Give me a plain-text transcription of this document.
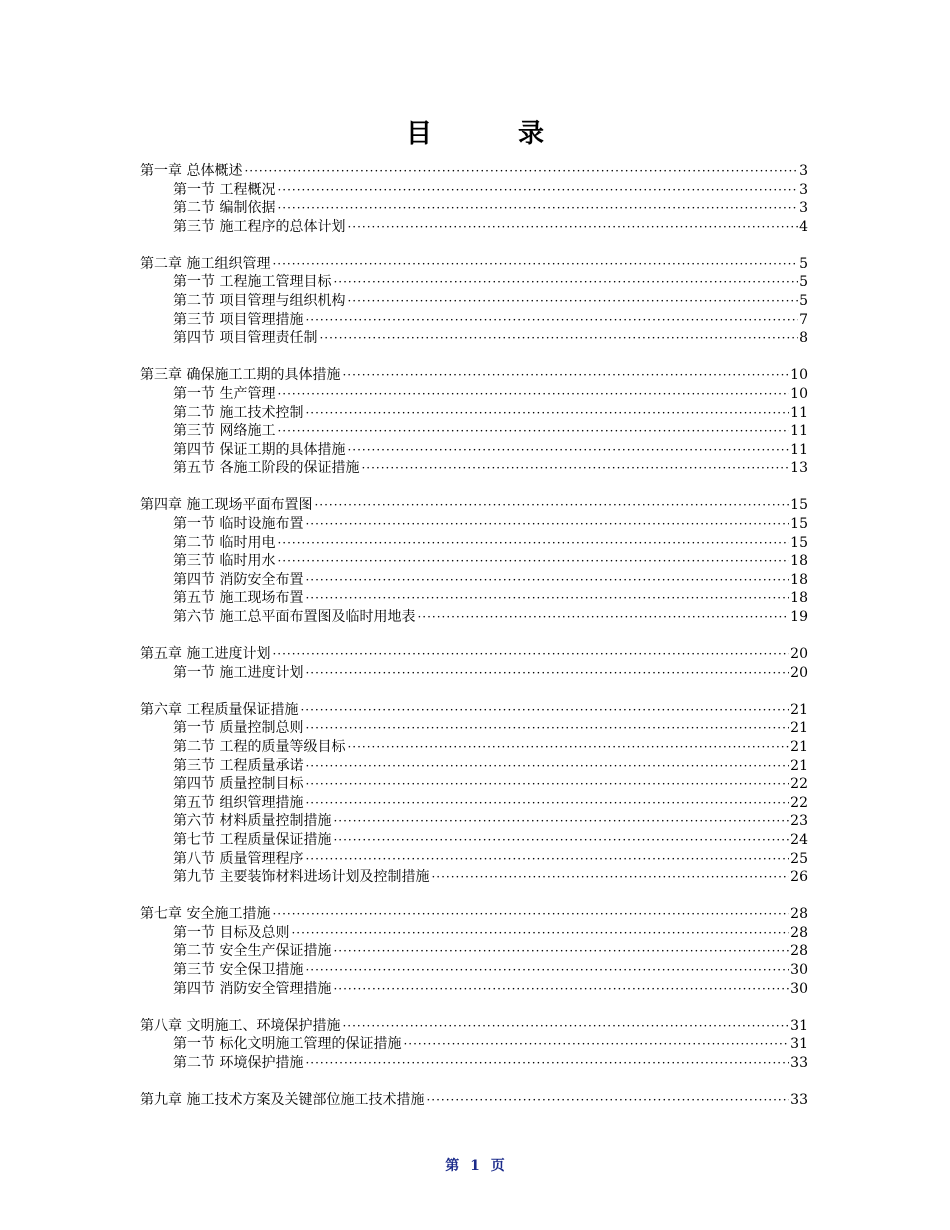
目　录
第一章 总体概述 ·····	3
第一节 工程概况 ·····	3
第二节 编制依据 ·····	3
第三节 施工程序的总体计划 ·····	4
第二章 施工组织管理 ·····	5
第一节 工程施工管理目标 ·····	5
第二节 项目管理与组织机构 ·····	5
第三节 项目管理措施 ·····	7
第四节 项目管理责任制 ·····	8
第三章 确保施工工期的具体措施 ·····	10
第一节 生产管理 ·····	10
第二节 施工技术控制 ·····	11
第三节 网络施工 ·····	11
第四节 保证工期的具体措施 ·····	11
第五节 各施工阶段的保证措施 ·····	13
第四章 施工现场平面布置图 ·····	15
第一节 临时设施布置 ·····	15
第二节 临时用电 ·····	15
第三节 临时用水 ·····	18
第四节 消防安全布置 ·····	18
第五节 施工现场布置 ·····	18
第六节 施工总平面布置图及临时用地表 ·····	19
第五章 施工进度计划 ·····	20
第一节 施工进度计划 ·····	20
第六章 工程质量保证措施 ·····	21
第一节 质量控制总则 ·····	21
第二节 工程的质量等级目标 ·····	21
第三节 工程质量承诺 ·····	21
第四节 质量控制目标 ·····	22
第五节 组织管理措施 ·····	22
第六节 材料质量控制措施 ·····	23
第七节 工程质量保证措施 ·····	24
第八节 质量管理程序 ·····	25
第九节 主要装饰材料进场计划及控制措施 ·····	26
第七章 安全施工措施 ·····	28
第一节 目标及总则 ·····	28
第二节 安全生产保证措施 ·····	28
第三节 安全保卫措施 ·····	30
第四节 消防安全管理措施 ·····	30
第八章 文明施工、环境保护措施 ·····	31
第一节 标化文明施工管理的保证措施 ·····	31
第二节 环境保护措施 ·····	33
第九章 施工技术方案及关键部位施工技术措施 ·····	33
第 1 页
